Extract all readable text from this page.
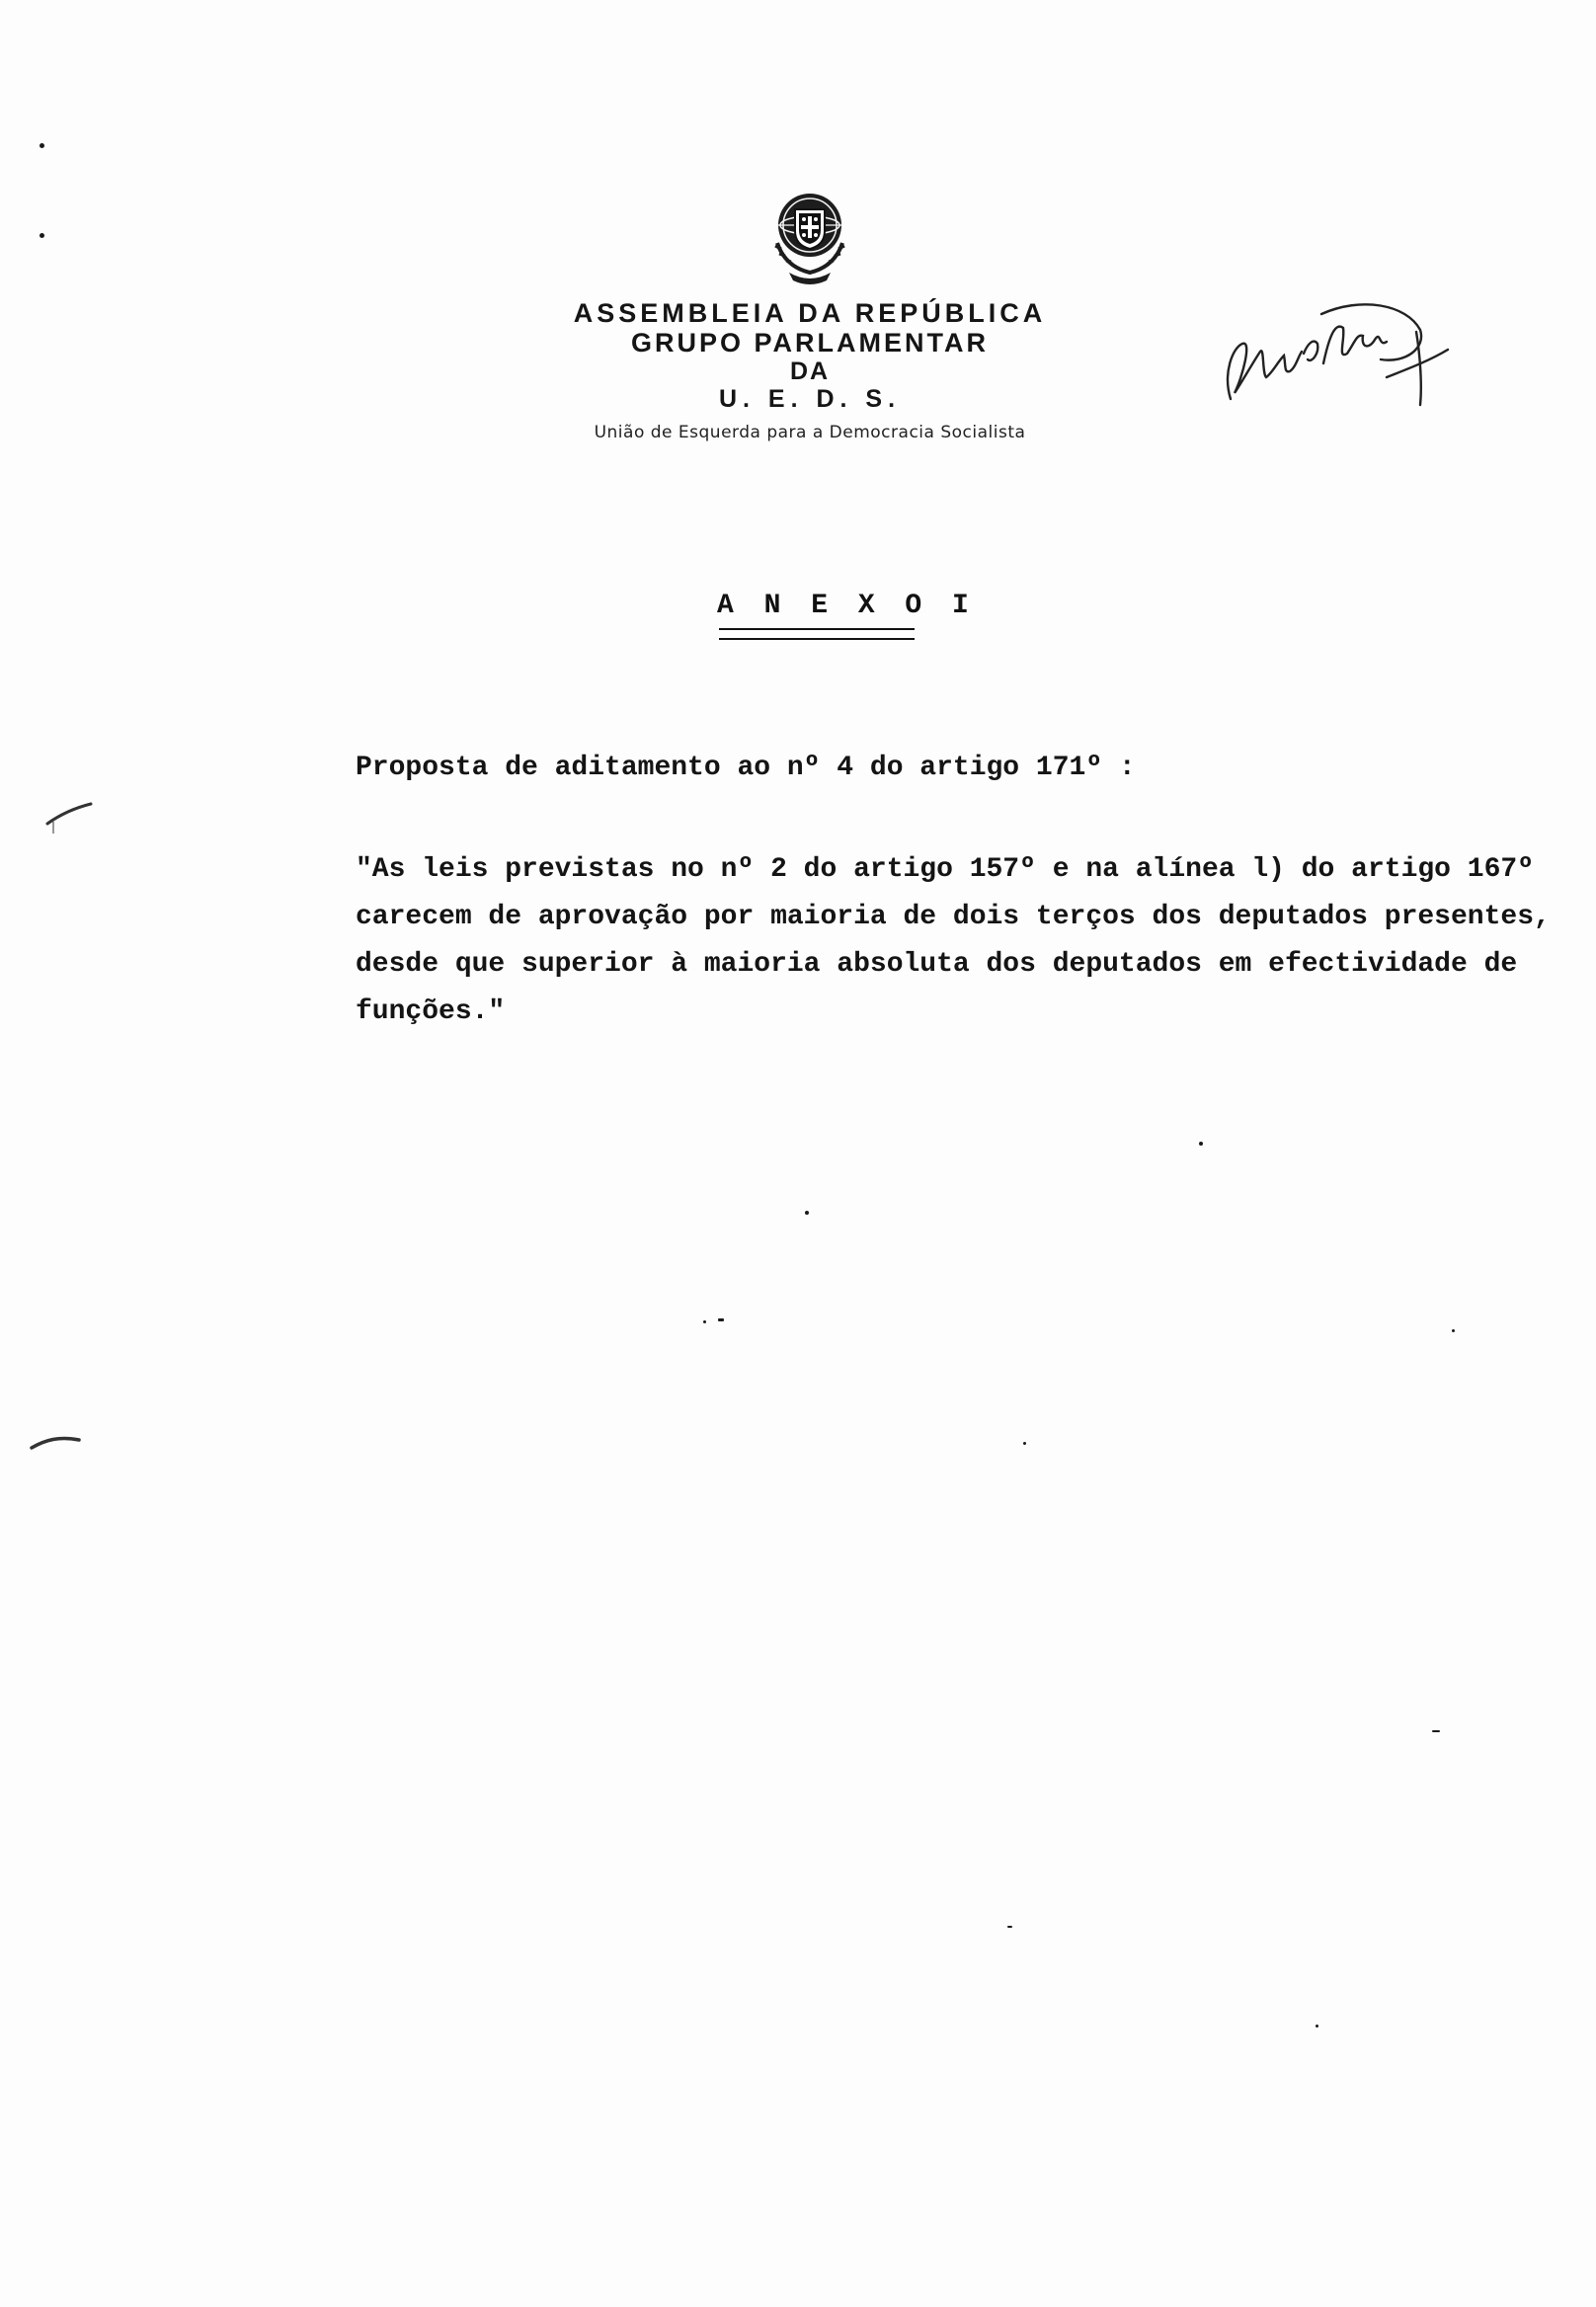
ASSEMBLEIA DA REPÚBLICA
GRUPO PARLAMENTAR
DA
U. E. D. S.
União de Esquerda para a Democracia Socialista
A N E X O I
Proposta de aditamento ao nº 4 do artigo 171º :
"As leis previstas no nº 2 do artigo 157º e na alínea l) do artigo 167º
carecem de aprovação por maioria de dois terços dos deputados presentes,
desde que superior à maioria absoluta dos deputados em efectividade de
funções."
